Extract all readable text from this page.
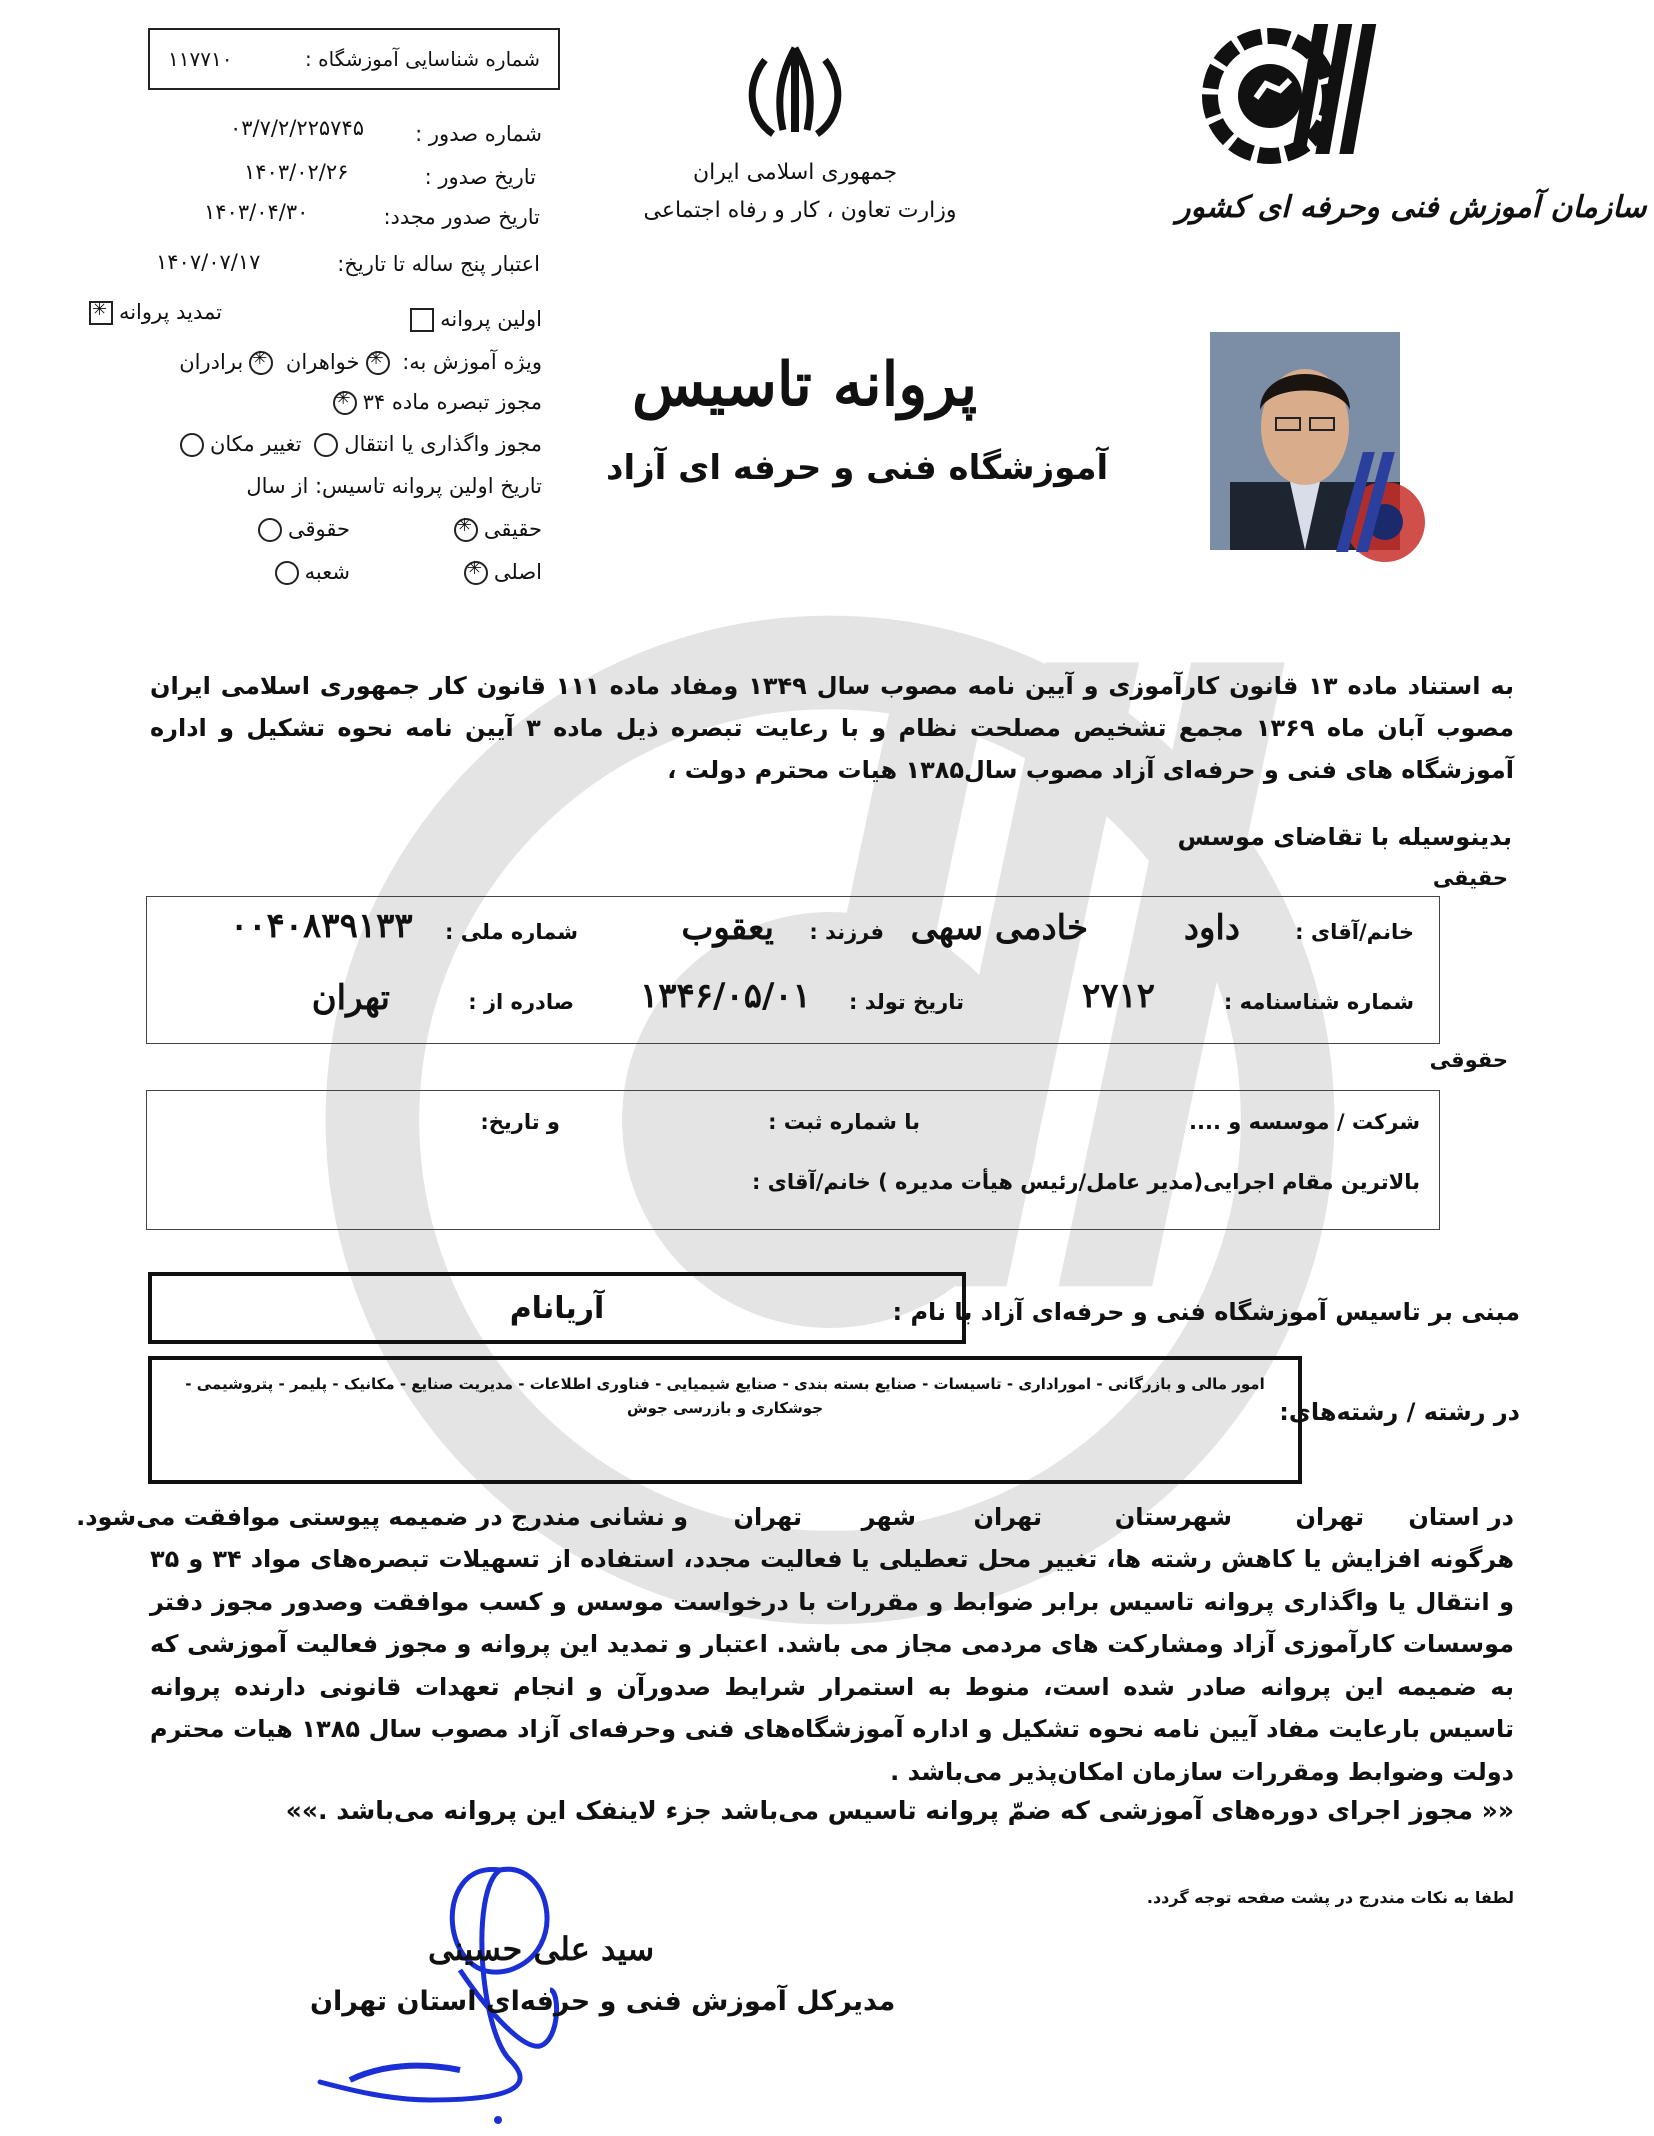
شماره شناسایی آموزشگاه :
۱۱۷۷۱۰
شماره صدور :
۰۳/۷/۲/۲۲۵۷۴۵
تاریخ صدور :
۱۴۰۳/۰۲/۲۶
تاریخ صدور مجدد:
۱۴۰۳/۰۴/۳۰
اعتبار پنج ساله تا تاریخ:
۱۴۰۷/۰۷/۱۷
اولین پروانه
تمدید پروانه✳
ویژه آموزش به: ✳خواهران ✳برادران
مجوز تبصره ماده ۳۴✳
مجوز واگذاری یا انتقال تغییر مکان
تاریخ اولین پروانه تاسیس: از سال
حقیقی✳
حقوقی
اصلی✳
شعبه
جمهوری اسلامی ایران
وزارت تعاون ، کار و رفاه اجتماعی	سازمان آموزش فنی وحرفه ای کشور
پروانه تاسیس
آموزشگاه فنی و حرفه ای آزاد
به استناد ماده ۱۳ قانون کارآموزی و آیین نامه مصوب سال ۱۳۴۹ ومفاد ماده ۱۱۱ قانون کار جمهوری اسلامی ایران مصوب آبان ماه ۱۳۶۹ مجمع تشخیص مصلحت نظام و با رعایت تبصره ذیل ماده ۳ آیین نامه نحوه تشکیل و اداره آموزشگاه های فنی و حرفه‌ای آزاد مصوب سال۱۳۸۵ هیات محترم دولت ،
بدینوسیله با تقاضای موسس
حقیقی
خانم/آقای :
داود
خادمی سهی
فرزند :
یعقوب
شماره ملی :
۰۰۴۰۸۳۹۱۳۳
شماره شناسنامه :
۲۷۱۲
تاریخ تولد :
۱۳۴۶/۰۵/۰۱
صادره از :
تهران
حقوقی
شرکت / موسسه و ....
با شماره ثبت :
و تاریخ:
بالاترین مقام اجرایی(مدیر عامل/رئیس هیأت مدیره ) خانم/آقای :
مبنی بر تاسیس آموزشگاه فنی و حرفه‌ای آزاد با نام :
آریانام
در رشته / رشته‌های:
امور مالی و بازرگانی - اموراداری - تاسیسات - صنایع بسته بندی - صنایع شیمیایی - فناوری اطلاعات - مدیریت صنایع - مکانیک - پلیمر - پتروشیمی - جوشکاری و بازرسی جوش
در استان
تهران
شهرستان
تهران
شهر
تهران
و نشانی مندرج در ضمیمه پیوستی موافقت می‌شود.
هرگونه افزایش یا کاهش رشته ها، تغییر محل تعطیلی یا فعالیت مجدد، استفاده از تسهیلات تبصره‌های مواد ۳۴ و ۳۵ و انتقال یا واگذاری پروانه تاسیس برابر ضوابط و مقررات با درخواست موسس و کسب موافقت وصدور مجوز دفتر موسسات کارآموزی آزاد ومشارکت های مردمی مجاز می باشد. اعتبار و تمدید این پروانه و مجوز فعالیت آموزشی که به ضمیمه این پروانه صادر شده است، منوط به استمرار شرایط صدورآن و انجام تعهدات قانونی دارنده پروانه تاسیس بارعایت مفاد آیین نامه نحوه تشکیل و اداره آموزشگاه‌های فنی وحرفه‌ای آزاد مصوب سال ۱۳۸۵ هیات محترم دولت وضوابط ومقررات سازمان امکان‌پذیر می‌باشد .
«« مجوز اجرای دوره‌های آموزشی که ضمّ پروانه تاسیس می‌باشد جزء لاینفک این پروانه می‌باشد .»»
لطفا به نکات مندرج در پشت صفحه توجه گردد.
سید علی حسینی
مدیرکل آموزش فنی و حرفه‌ای استان تهران
